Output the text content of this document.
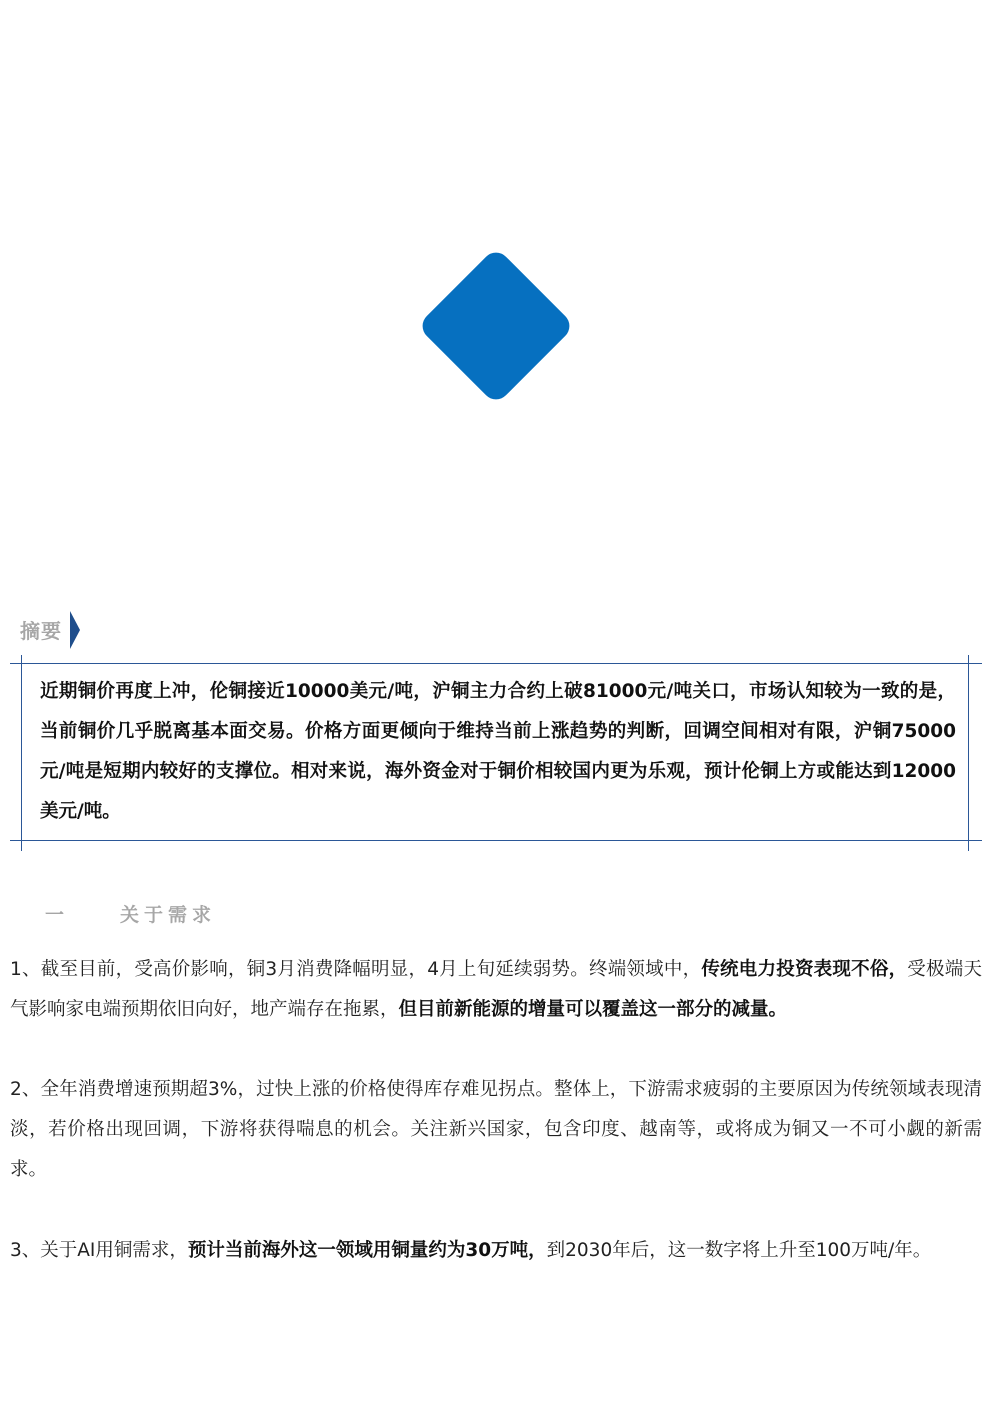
摘要
近期铜价再度上冲，伦铜接近10000美元/吨，沪铜主力合约上破81000元/吨关口，市场认知较为一致的是，当前铜价几乎脱离基本面交易。价格方面更倾向于维持当前上涨趋势的判断，回调空间相对有限，沪铜75000元/吨是短期内较好的支撑位。相对来说，海外资金对于铜价相较国内更为乐观，预计伦铜上方或能达到12000美元/吨。
一	关于需求
1、截至目前，受高价影响，铜3月消费降幅明显，4月上旬延续弱势。终端领域中，传统电力投资表现不俗，受极端天气影响家电端预期依旧向好，地产端存在拖累，但目前新能源的增量可以覆盖这一部分的减量。
2、全年消费增速预期超3%，过快上涨的价格使得库存难见拐点。整体上，下游需求疲弱的主要原因为传统领域表现清淡，若价格出现回调，下游将获得喘息的机会。关注新兴国家，包含印度、越南等，或将成为铜又一不可小觑的新需求。
3、关于AI用铜需求，预计当前海外这一领域用铜量约为30万吨，到2030年后，这一数字将上升至100万吨/年。
